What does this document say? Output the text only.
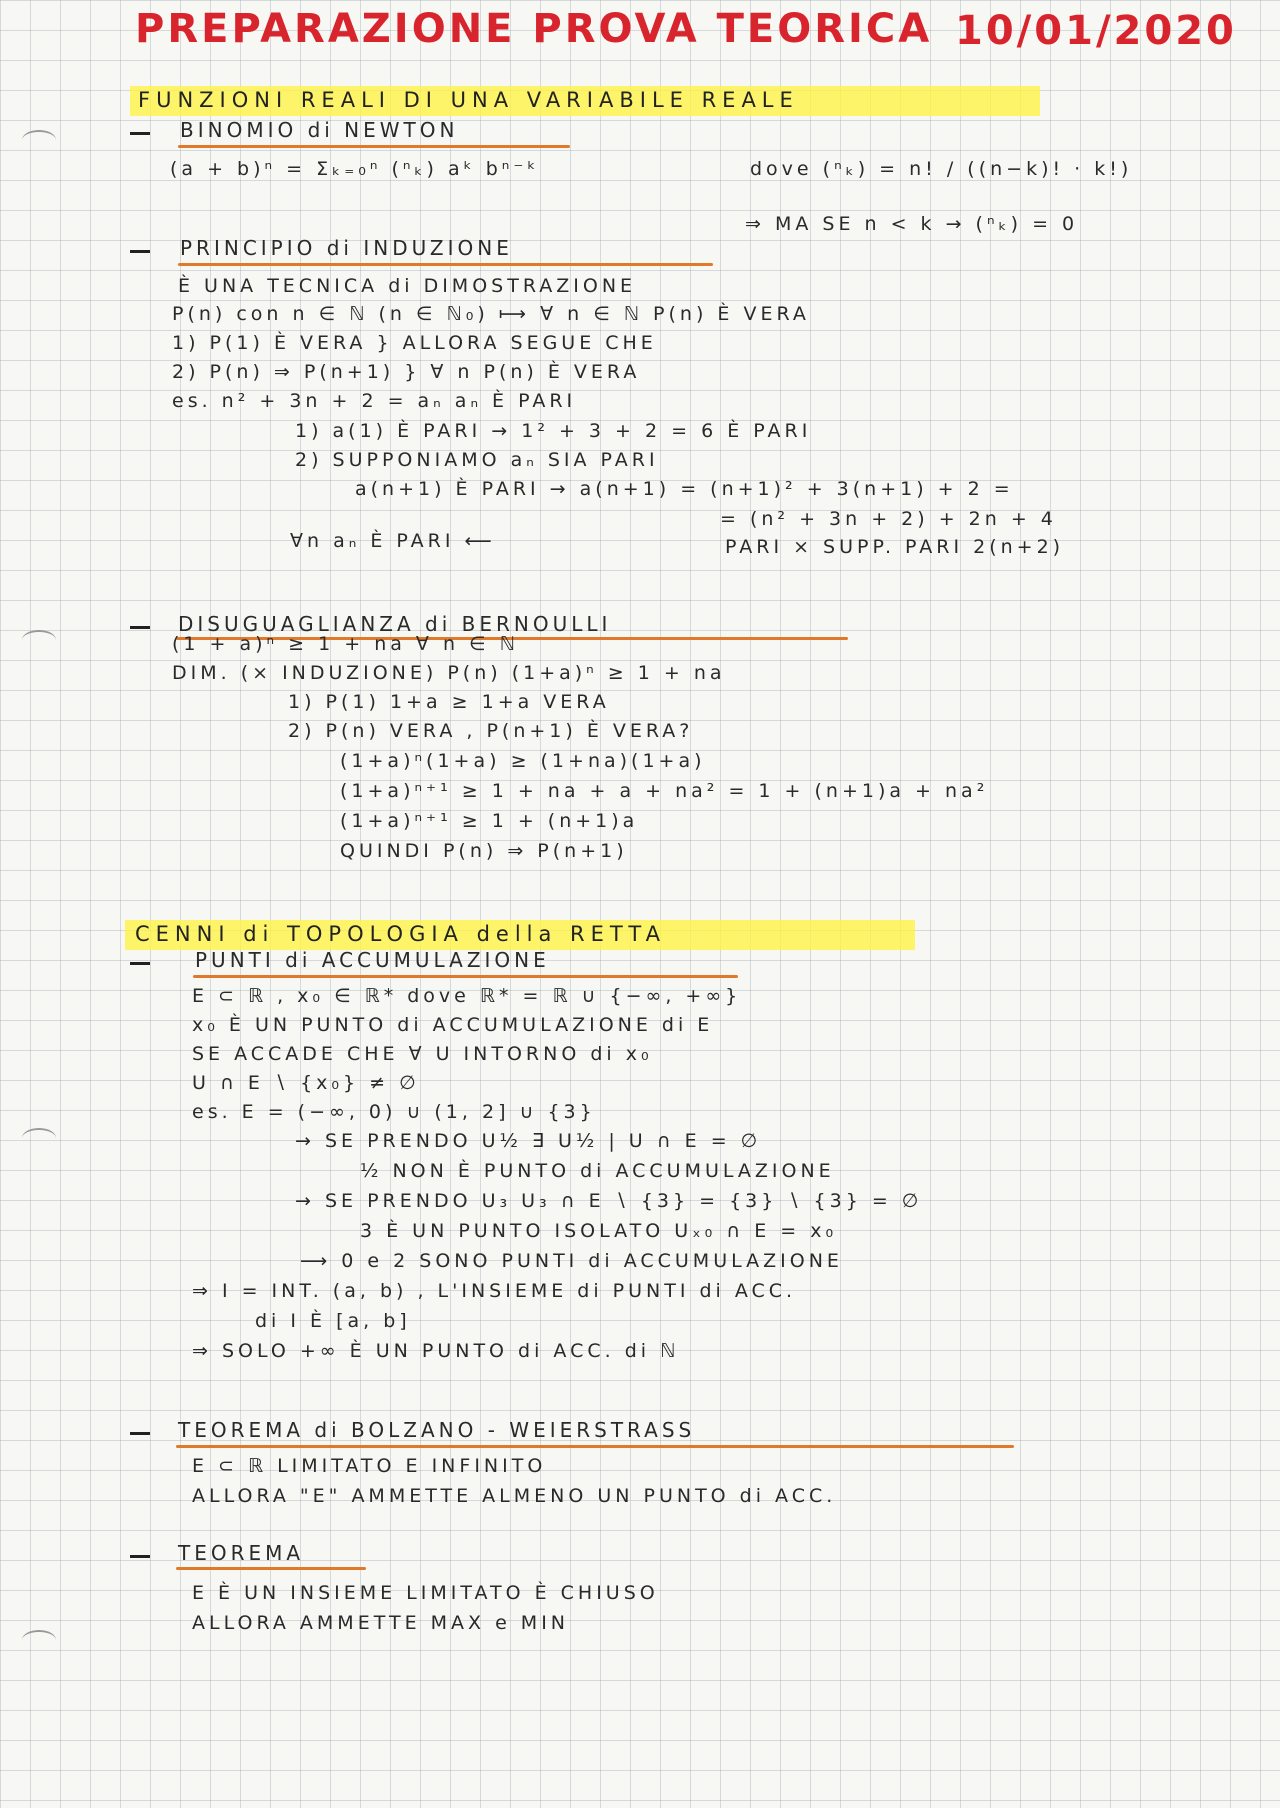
PREPARAZIONE PROVA TEORICA 10/01/2020
FUNZIONI REALI DI UNA VARIABILE REALE
BINOMIO di NEWTON
PRINCIPIO di INDUZIONE
DISUGUAGLIANZA di BERNOULLI
CENNI di TOPOLOGIA della RETTA
PUNTI di ACCUMULAZIONE
TEOREMA di BOLZANO - WEIERSTRASS
TEOREMA
(a + b)ⁿ = Σₖ₌₀ⁿ (ⁿₖ) aᵏ bⁿ⁻ᵏ	dove (ⁿₖ) = n! / ((n−k)! · k!)
⇒ MA SE n < k → (ⁿₖ) = 0
È UNA TECNICA di DIMOSTRAZIONE
P(n) con n ∈ ℕ (n ∈ ℕ₀) ⟼ ∀ n ∈ ℕ P(n) È VERA
1) P(1) È VERA } ALLORA SEGUE CHE
2) P(n) ⇒ P(n+1) } ∀ n P(n) È VERA
es. n² + 3n + 2 = aₙ aₙ È PARI
1) a(1) È PARI → 1² + 3 + 2 = 6 È PARI
2) SUPPONIAMO aₙ SIA PARI
a(n+1) È PARI → a(n+1) = (n+1)² + 3(n+1) + 2 =
= (n² + 3n + 2) + 2n + 4
PARI × SUPP. PARI 2(n+2)
∀n aₙ È PARI ⟵
(1 + a)ⁿ ≥ 1 + na ∀ n ∈ ℕ
DIM. (× INDUZIONE) P(n) (1+a)ⁿ ≥ 1 + na
1) P(1) 1+a ≥ 1+a VERA
2) P(n) VERA , P(n+1) È VERA?
(1+a)ⁿ(1+a) ≥ (1+na)(1+a)
(1+a)ⁿ⁺¹ ≥ 1 + na + a + na² = 1 + (n+1)a + na²
(1+a)ⁿ⁺¹ ≥ 1 + (n+1)a
QUINDI P(n) ⇒ P(n+1)
E ⊂ ℝ , x₀ ∈ ℝ* dove ℝ* = ℝ ∪ {−∞, +∞}
x₀ È UN PUNTO di ACCUMULAZIONE di E
SE ACCADE CHE ∀ U INTORNO di x₀
U ∩ E ∖ {x₀} ≠ ∅
es. E = (−∞, 0) ∪ (1, 2] ∪ {3}
→ SE PRENDO U½ ∃ U½ | U ∩ E = ∅
½ NON È PUNTO di ACCUMULAZIONE
→ SE PRENDO U₃ U₃ ∩ E ∖ {3} = {3} ∖ {3} = ∅
3 È UN PUNTO ISOLATO Uₓ₀ ∩ E = x₀
⟶ 0 e 2 SONO PUNTI di ACCUMULAZIONE
⇒ I = INT. (a, b) , L'INSIEME di PUNTI di ACC.
di I È [a, b]
⇒ SOLO +∞ È UN PUNTO di ACC. di ℕ
E ⊂ ℝ LIMITATO E INFINITO
ALLORA "E" AMMETTE ALMENO UN PUNTO di ACC.
E È UN INSIEME LIMITATO È CHIUSO
ALLORA AMMETTE MAX e MIN
